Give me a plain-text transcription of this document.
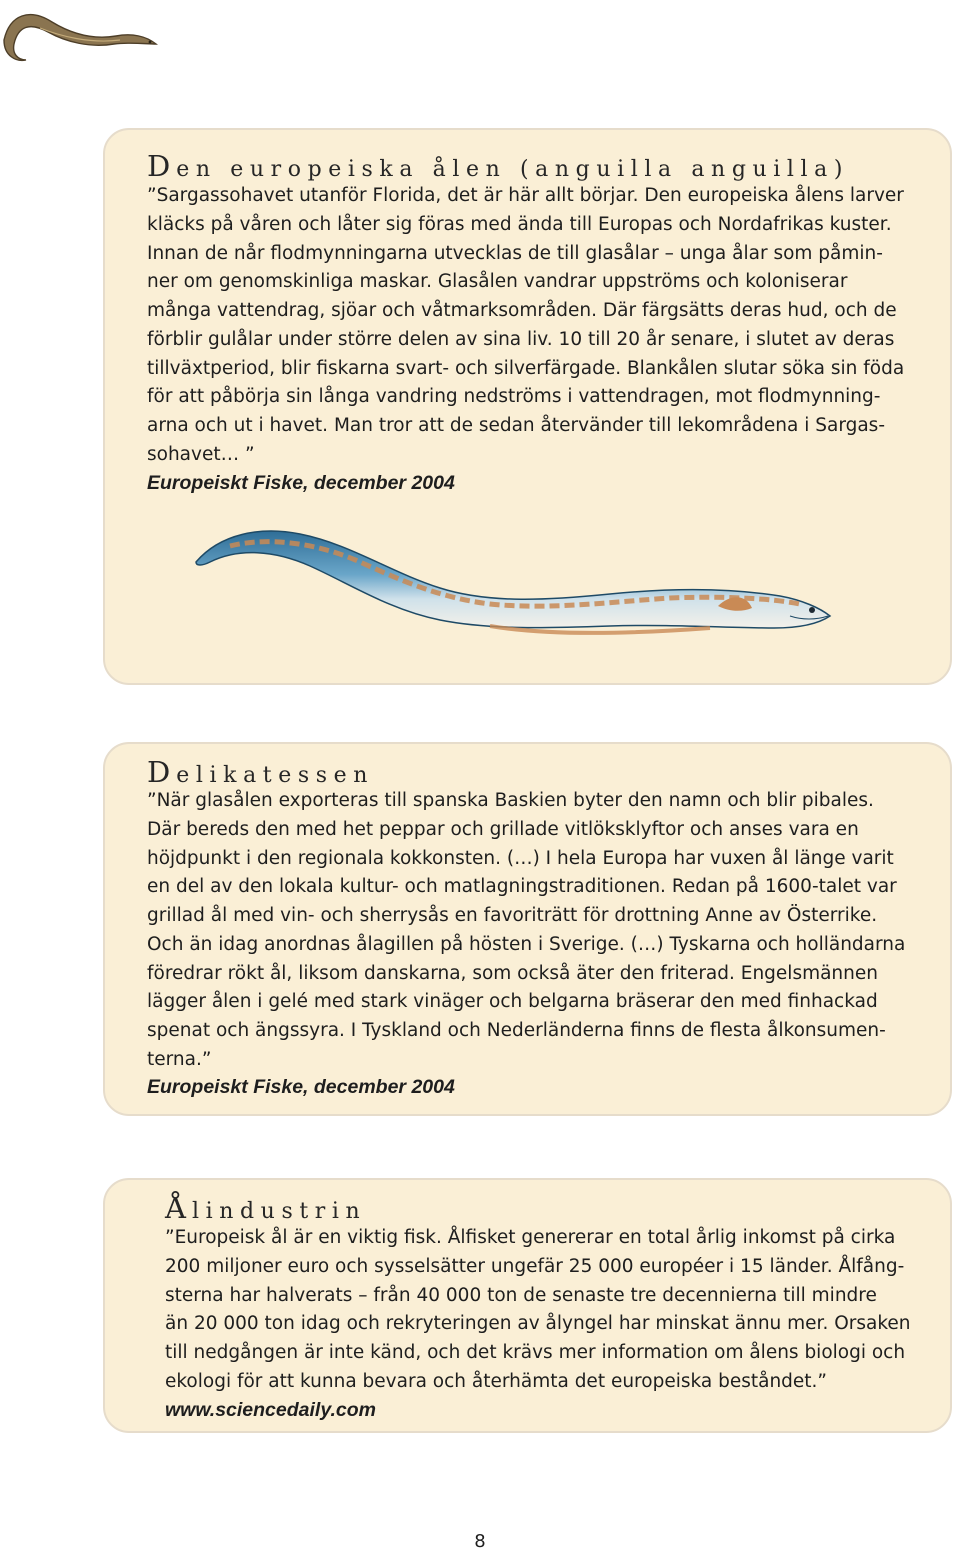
Den europeiska ålen (anguilla anguilla)
”Sargassohavet utanför Florida, det är här allt börjar. Den europeiska ålens larver
kläcks på våren och låter sig föras med ända till Europas och Nordafrikas kuster.
Innan de når flodmynningarna utvecklas de till glasålar – unga ålar som påmin-
ner om genomskinliga maskar. Glasålen vandrar uppströms och koloniserar
många vattendrag, sjöar och våtmarksområden. Där färgsätts deras hud, och de
förblir gulålar under större delen av sina liv. 10 till 20 år senare, i slutet av deras
tillväxtperiod, blir fiskarna svart- och silverfärgade. Blankålen slutar söka sin föda
för att påbörja sin långa vandring nedströms i vattendragen, mot flodmynning-
arna och ut i havet. Man tror att de sedan återvänder till lekområdena i Sargas-
sohavet… ”
Europeiskt Fiske, december 2004
Delikatessen
”När glasålen exporteras till spanska Baskien byter den namn och blir pibales.
Där bereds den med het peppar och grillade vitlöksklyftor och anses vara en
höjdpunkt i den regionala kokkonsten. (…) I hela Europa har vuxen ål länge varit
en del av den lokala kultur- och matlagningstraditionen. Redan på 1600-talet var
grillad ål med vin- och sherrysås en favoriträtt för drottning Anne av Österrike.
Och än idag anordnas ålagillen på hösten i Sverige. (…) Tyskarna och holländarna
föredrar rökt ål, liksom danskarna, som också äter den friterad. Engelsmännen
lägger ålen i gelé med stark vinäger och belgarna bräserar den med finhackad
spenat och ängssyra. I Tyskland och Nederländerna finns de flesta ålkonsumen-
terna.”
Europeiskt Fiske, december 2004
Ålindustrin
”Europeisk ål är en viktig fisk. Ålfisket genererar en total årlig inkomst på cirka
200 miljoner euro och sysselsätter ungefär 25 000 européer i 15 länder. Ålfång-
sterna har halverats – från 40 000 ton de senaste tre decennierna till mindre
än 20 000 ton idag och rekryteringen av ålyngel har minskat ännu mer. Orsaken
till nedgången är inte känd, och det krävs mer information om ålens biologi och
ekologi för att kunna bevara och återhämta det europeiska beståndet.”
www.sciencedaily.com
8
